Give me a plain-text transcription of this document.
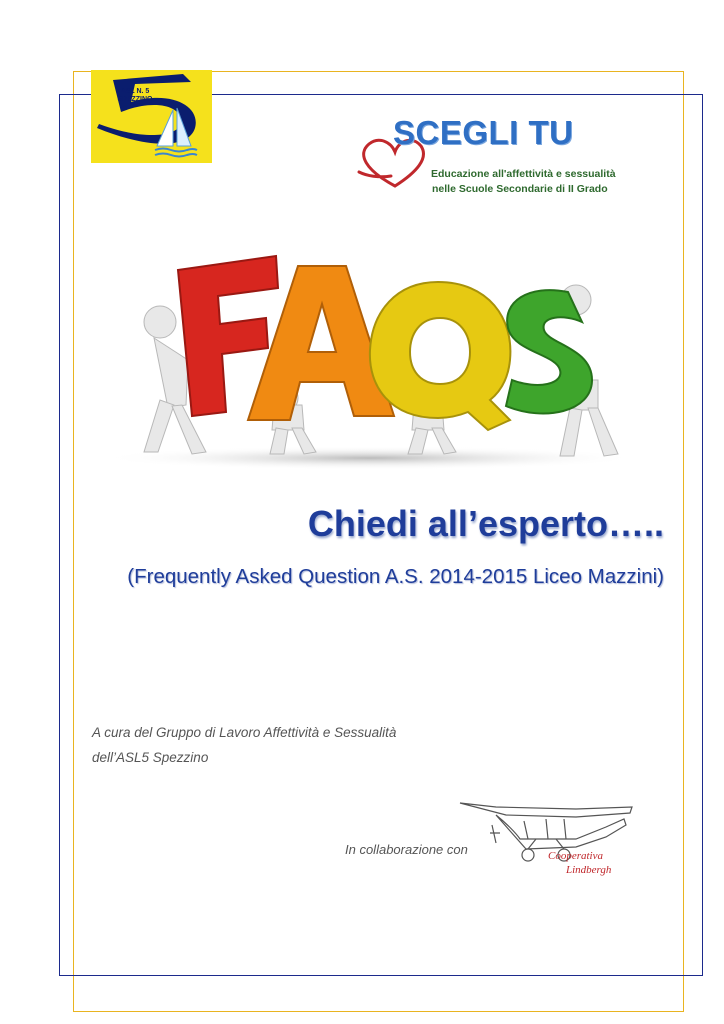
ASL N. 5
SPEZZINO
SCEGLI TU
Educazione all'affettività e sessualità
nelle Scuole Secondarie di II Grado
Chiedi all’esperto…..
(Frequently Asked Question A.S. 2014-2015 Liceo Mazzini)
A cura del Gruppo di Lavoro Affettività e Sessualità
dell’ASL5 Spezzino
In collaborazione con	Cooperativa
Lindbergh
